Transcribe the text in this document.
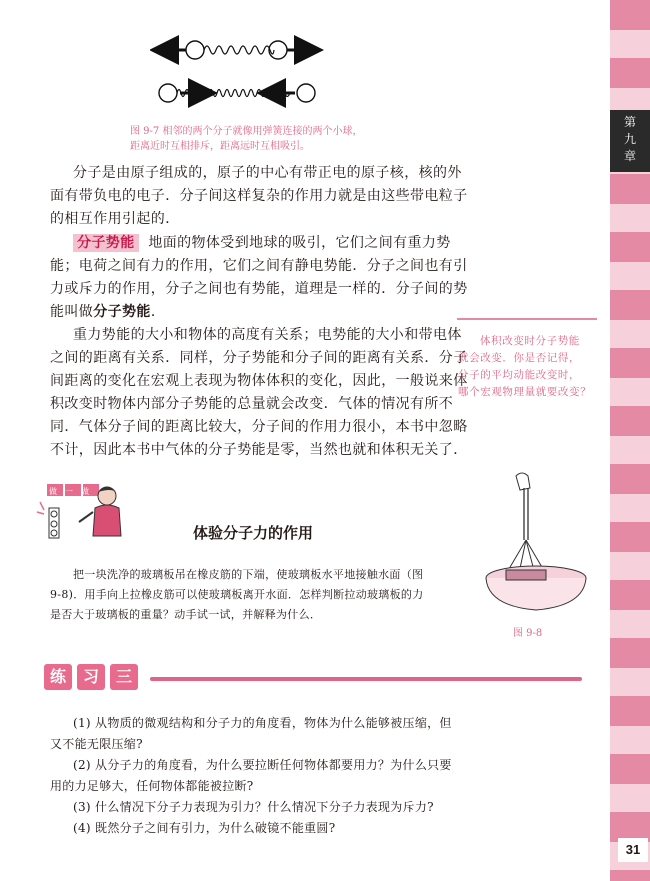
第
九
章
31
图 9-7 相邻的两个分子就像用弹簧连接的两个小球，
距离近时互相排斥，距离远时互相吸引。
分子是由原子组成的，原子的中心有带正电的原子核，核的外
面有带负电的电子．分子间这样复杂的作用力就是由这些带电粒子
的相互作用引起的．
分子势能 地面的物体受到地球的吸引，它们之间有重力势
能；电荷之间有力的作用，它们之间有静电势能．分子之间也有引
力或斥力的作用，分子之间也有势能，道理是一样的．分子间的势
能叫做分子势能．
重力势能的大小和物体的高度有关系；电势能的大小和带电体
之间的距离有关系．同样，分子势能和分子间的距离有关系．分子
间距离的变化在宏观上表现为物体体积的变化，因此，一般说来体
积改变时物体内部分子势能的总量就会改变．气体的情况有所不
同．气体分子间的距离比较大，分子间的作用力很小，本书中忽略
不计，因此本书中气体的分子势能是零，当然也就和体积无关了．
体积改变时分子势能
就会改变．你是否记得，
分子的平均动能改变时，
哪个宏观物理量就要改变？
做一做
体验分子力的作用
把一块洗净的玻璃板吊在橡皮筋的下端，使玻璃板水平地接触水面（图
9-8)．用手向上拉橡皮筋可以使玻璃板离开水面．怎样判断拉动玻璃板的力
是否大于玻璃板的重量？动手试一试，并解释为什么．
图 9-8
练	习	三
(1) 从物质的微观结构和分子力的角度看，物体为什么能够被压缩，但
又不能无限压缩?
(2) 从分子力的角度看，为什么要拉断任何物体都要用力？为什么只要
用的力足够大，任何物体都能被拉断?
(3) 什么情况下分子力表现为引力？什么情况下分子力表现为斥力?
(4) 既然分子之间有引力，为什么破镜不能重圆?
